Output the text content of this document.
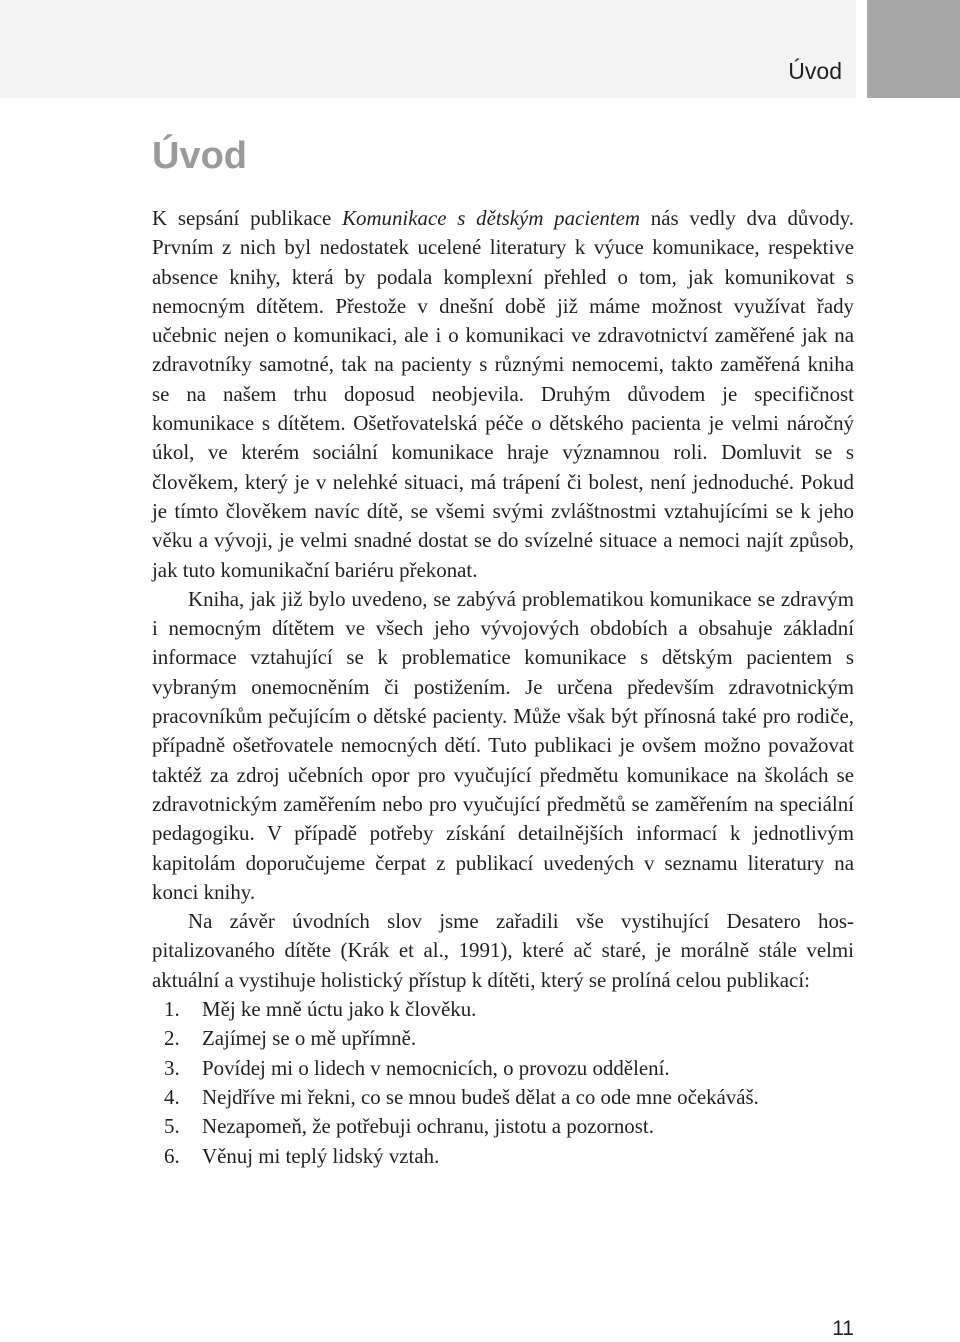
Úvod
Úvod

K sepsání publikace Komunikace s dětským pacientem nás vedly dva důvody. Prvním z nich byl nedostatek ucelené literatury k výuce komunikace, respektive absence knihy, která by podala komplexní přehled o tom, jak komunikovat s nemocným dítětem. Přestože v dnešní době již máme možnost využívat řady učebnic nejen o komunikaci, ale i o komunikaci ve zdravotnictví zaměřené jak na zdravotníky samotné, tak na pacienty s různými nemocemi, takto zaměřená kniha se na našem trhu doposud neobjevila. Druhým důvodem je specifičnost komunikace s dítětem. Ošetřovatelská péče o dětského pacienta je velmi náročný úkol, ve kterém sociální komunikace hraje významnou roli. Domluvit se s člověkem, který je v nelehké situaci, má trápení či bolest, není jednoduché. Pokud je tímto člověkem navíc dítě, se všemi svými zvláštnostmi vztahujícími se k jeho věku a vývoji, je velmi snadné dostat se do svízelné situace a nemoci najít způsob, jak tuto komunikační bariéru překonat.

Kniha, jak již bylo uvedeno, se zabývá problematikou komunikace se zdravým i nemocným dítětem ve všech jeho vývojových obdobích a obsahuje základní informace vztahující se k problematice komunikace s dětským pacientem s vybraným onemocněním či postižením. Je určena především zdravotnickým pracovníkům pečujícím o dětské pacienty. Může však být přínosná také pro rodiče, případně ošetřovatele nemocných dětí. Tuto publikaci je ovšem možno považovat taktéž za zdroj učebních opor pro vyučující předmětu komunikace na školách se zdravotnickým zaměřením nebo pro vyučující předmětů se zaměřením na speciální pedagogiku. V případě potřeby získání detailnějších informací k jednotlivým kapitolám doporučujeme čerpat z publikací uvedených v seznamu literatury na konci knihy.

Na závěr úvodních slov jsme zařadili vše vystihující Desatero hospitalizovaného dítěte (Krák et al., 1991), které ač staré, je morálně stále velmi aktuální a vystihuje holistický přístup k dítěti, který se prolíná celou publikací:

1.	Měj ke mně úctu jako k člověku.
2.	Zajímej se o mě upřímně.
3.	Povídej mi o lidech v nemocnicích, o provozu oddělení.
4.	Nejdříve mi řekni, co se mnou budeš dělat a co ode mne očekáváš.
5.	Nezapomeň, že potřebuji ochranu, jistotu a pozornost.
6.	Věnuj mi teplý lidský vztah.
11
